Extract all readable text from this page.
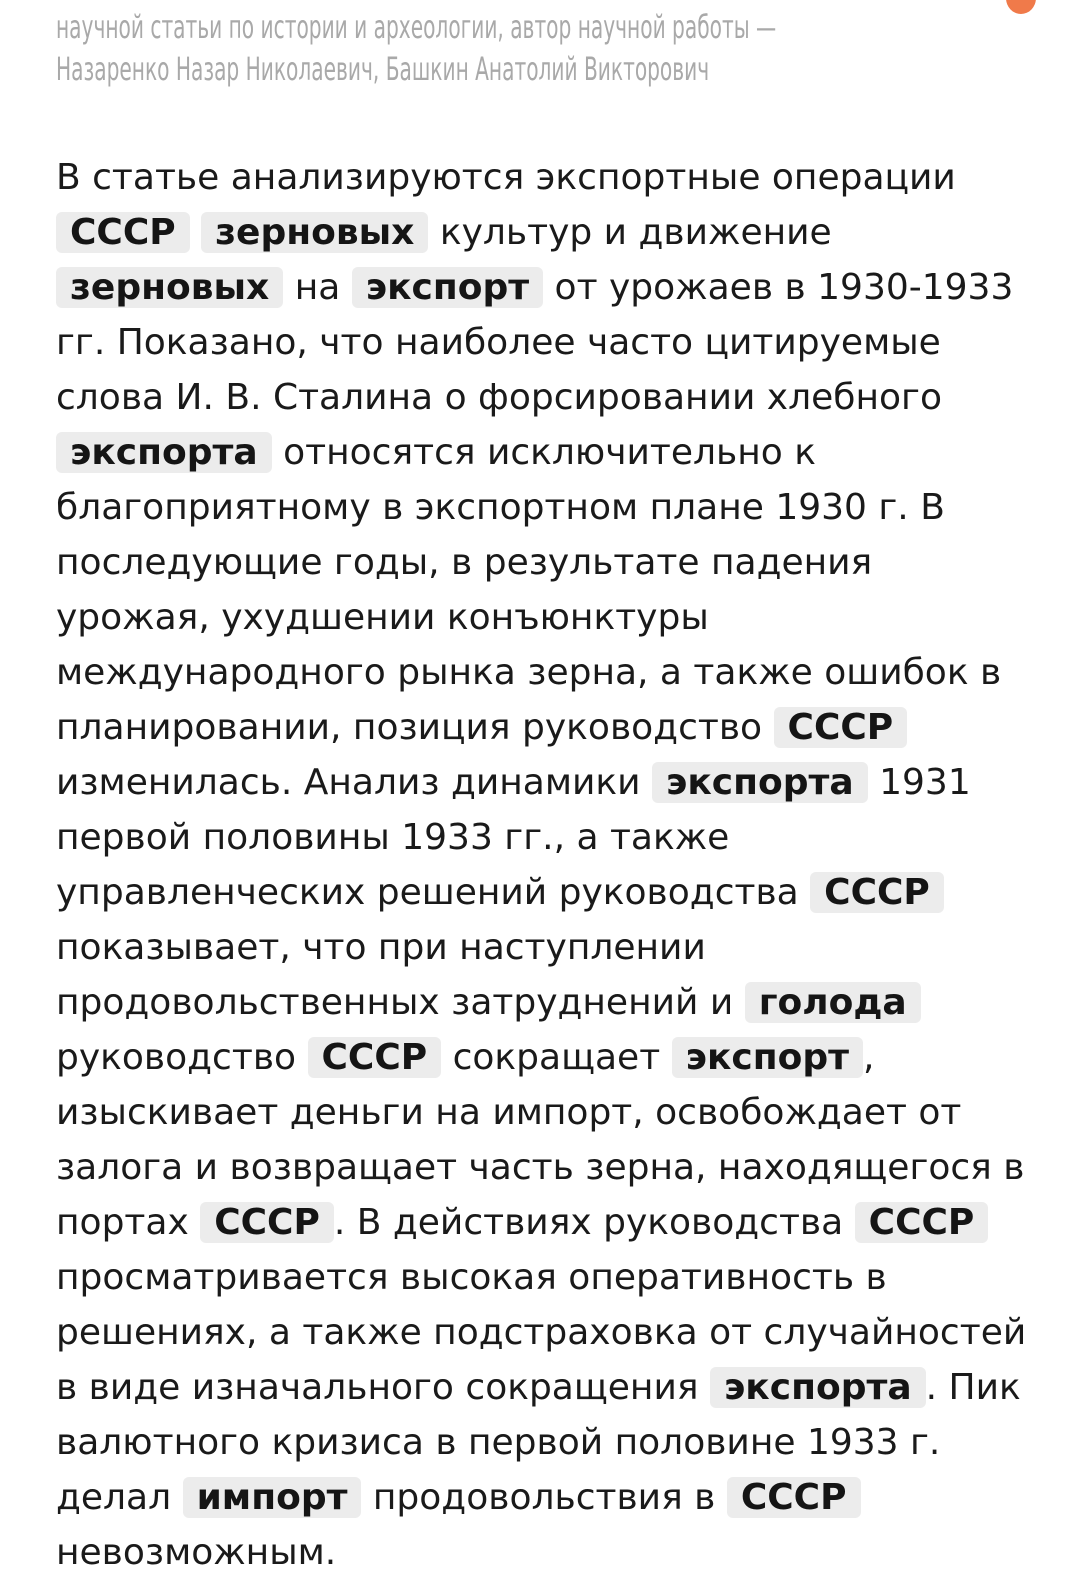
научной статьи по истории и археологии, автор научной работы —
Назаренко Назар Николаевич, Башкин Анатолий Викторович

В статье анализируются экспортные операции СССР зерновых культур и движение зерновых на экспорт от урожаев в 1930-1933 гг. Показано, что наиболее часто цитируемые слова И. В. Сталина о форсировании хлебного экспорта относятся исключительно к благоприятному в экспортном плане 1930 г. В последующие годы, в результате падения урожая, ухудшении конъюнктуры международного рынка зерна, а также ошибок в планировании, позиция руководство СССР изменилась. Анализ динамики экспорта 1931 первой половины 1933 гг., а также управленческих решений руководства СССР показывает, что при наступлении продовольственных затруднений и голода руководство СССР сокращает экспорт , изыскивает деньги на импорт, освобождает от залога и возвращает часть зерна, находящегося в портах СССР . В действиях руководства СССР просматривается высокая оперативность в решениях, а также подстраховка от случайностей в виде изначального сокращения экспорта . Пик валютного кризиса в первой половине 1933 г. делал импорт продовольствия в СССР невозможным.
